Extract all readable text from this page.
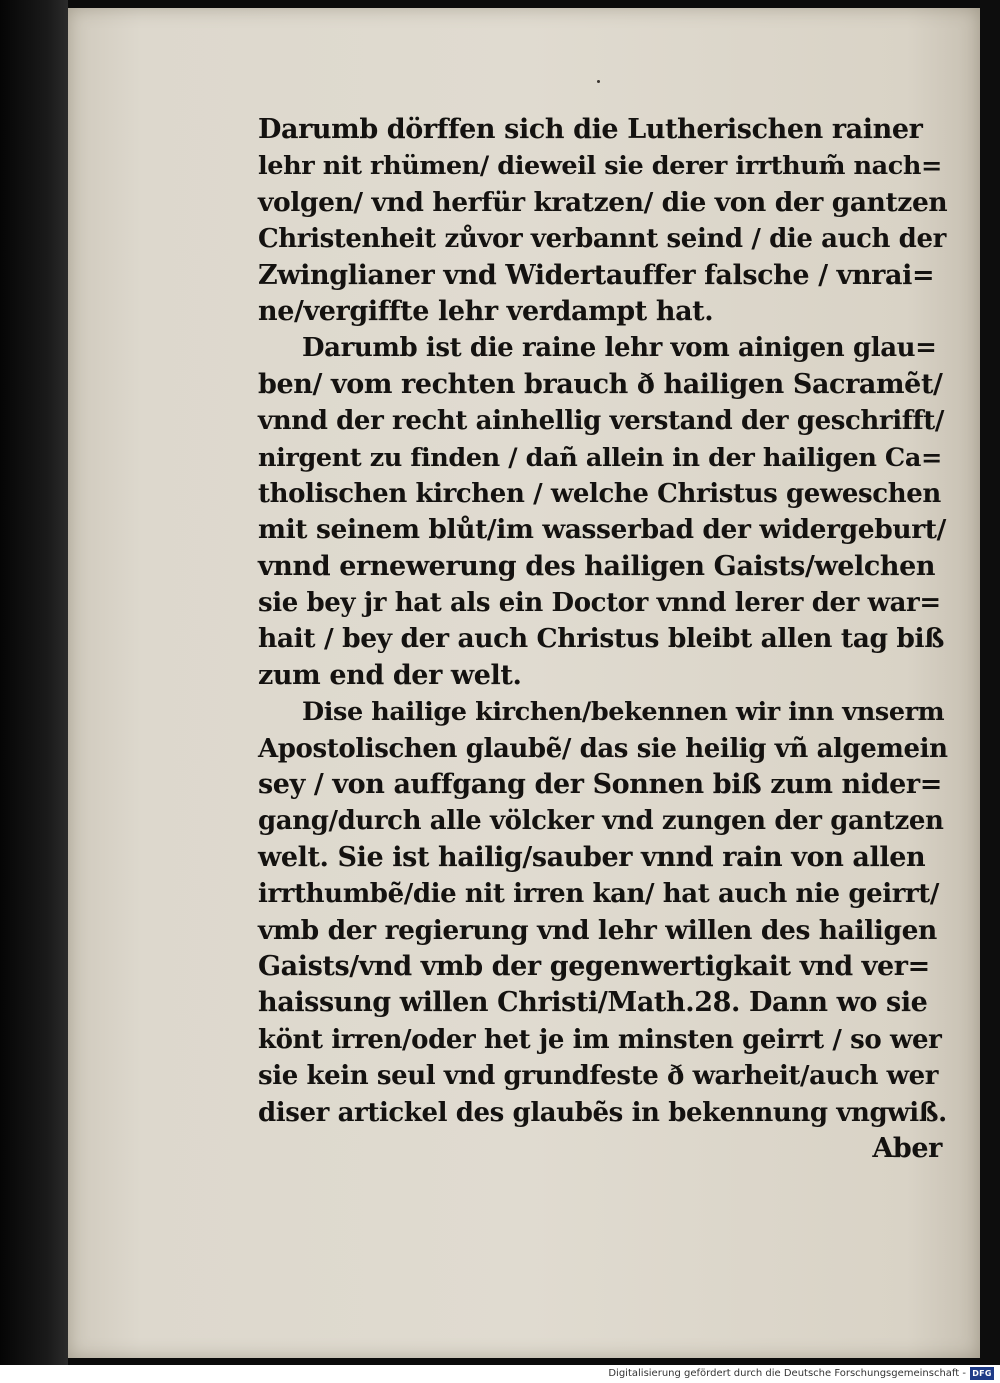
Darumb dörffen sich die Lutherischen rainer
lehr nit rhümen/ dieweil sie derer irrthum̃ nach=
volgen/ vnd herfür kratzen/ die von der gantzen
Christenheit zůvor verbannt seind / die auch der
Zwinglianer vnd Widertauffer falsche / vnrai=
ne/vergiffte lehr verdampt hat.
Darumb ist die raine lehr vom ainigen glau=
ben/ vom rechten brauch ð hailigen Sacramẽt/
vnnd der recht ainhellig verstand der geschrifft/
nirgent zu finden / dañ allein in der hailigen Ca=
tholischen kirchen / welche Christus geweschen
mit seinem blůt/im wasserbad der widergeburt/
vnnd ernewerung des hailigen Gaists/welchen
sie bey jr hat als ein Doctor vnnd lerer der war=
hait / bey der auch Christus bleibt allen tag biß
zum end der welt.
Dise hailige kirchen/bekennen wir inn vnserm
Apostolischen glaubẽ/ das sie heilig vñ algemein
sey / von auffgang der Sonnen biß zum nider=
gang/durch alle völcker vnd zungen der gantzen
welt. Sie ist hailig/sauber vnnd rain von allen
irrthumbẽ/die nit irren kan/ hat auch nie geirrt/
vmb der regierung vnd lehr willen des hailigen
Gaists/vnd vmb der gegenwertigkait vnd ver=
haissung willen Christi/Math.28. Dann wo sie
könt irren/oder het je im minsten geirrt / so wer
sie kein seul vnd grundfeste ð warheit/auch wer
diser artickel des glaubẽs in bekennung vngwiß.
Aber
Digitalisierung gefördert durch die Deutsche Forschungsgemeinschaft - DFG
